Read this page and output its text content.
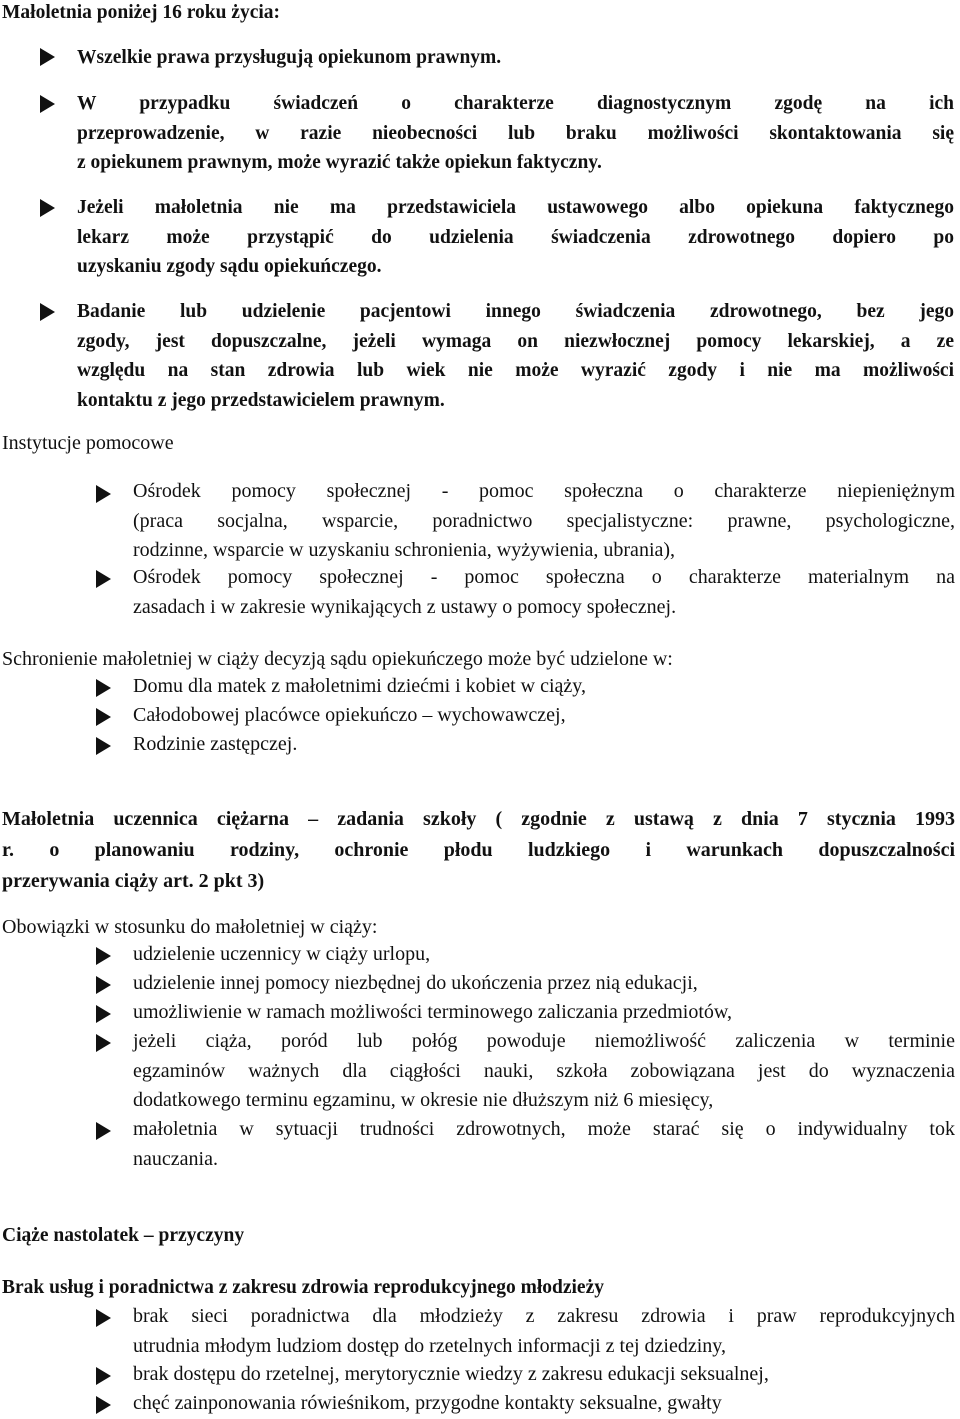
Małoletnia poniżej 16 roku życia:
Wszelkie prawa przysługują opiekunom prawnym.
W przypadku świadczeń o charakterze diagnostycznym zgodę na ich
przeprowadzenie, w razie nieobecności lub braku możliwości skontaktowania się
z opiekunem prawnym, może wyrazić także opiekun faktyczny.
Jeżeli małoletnia nie ma przedstawiciela ustawowego albo opiekuna faktycznego
lekarz może przystąpić do udzielenia świadczenia zdrowotnego dopiero po
uzyskaniu zgody sądu opiekuńczego.
Badanie lub udzielenie pacjentowi innego świadczenia zdrowotnego, bez jego
zgody, jest dopuszczalne, jeżeli wymaga on niezwłocznej pomocy lekarskiej, a ze
względu na stan zdrowia lub wiek nie może wyrazić zgody i nie ma możliwości
kontaktu z jego przedstawicielem prawnym.
Instytucje pomocowe
Ośrodek pomocy społecznej - pomoc społeczna o charakterze niepieniężnym
(praca socjalna, wsparcie, poradnictwo specjalistyczne: prawne, psychologiczne,
rodzinne, wsparcie w uzyskaniu schronienia, wyżywienia, ubrania),
Ośrodek pomocy społecznej - pomoc społeczna o charakterze materialnym na
zasadach i w zakresie wynikających z ustawy o pomocy społecznej.
Schronienie małoletniej w ciąży decyzją sądu opiekuńczego może być udzielone w:
Domu dla matek z małoletnimi dziećmi i kobiet w ciąży,
Całodobowej placówce opiekuńczo – wychowawczej,
Rodzinie zastępczej.
Małoletnia uczennica ciężarna – zadania szkoły ( zgodnie z ustawą z dnia 7 stycznia 1993
r. o planowaniu rodziny, ochronie płodu ludzkiego i warunkach dopuszczalności
przerywania ciąży art. 2 pkt 3)
Obowiązki w stosunku do małoletniej w ciąży:
udzielenie uczennicy w ciąży urlopu,
udzielenie innej pomocy niezbędnej do ukończenia przez nią edukacji,
umożliwienie w ramach możliwości terminowego zaliczania przedmiotów,
jeżeli ciąża, poród lub połóg powoduje niemożliwość zaliczenia w terminie
egzaminów ważnych dla ciągłości nauki, szkoła zobowiązana jest do wyznaczenia
dodatkowego terminu egzaminu, w okresie nie dłuższym niż 6 miesięcy,
małoletnia w sytuacji trudności zdrowotnych, może starać się o indywidualny tok
nauczania.
Ciąże nastolatek – przyczyny
Brak usług i poradnictwa z zakresu zdrowia reprodukcyjnego młodzieży
brak sieci poradnictwa dla młodzieży z zakresu zdrowia i praw reprodukcyjnych
utrudnia młodym ludziom dostęp do rzetelnych informacji z tej dziedziny,
brak dostępu do rzetelnej, merytorycznie wiedzy z zakresu edukacji seksualnej,
chęć zainponowania rówieśnikom, przygodne kontakty seksualne, gwałty
